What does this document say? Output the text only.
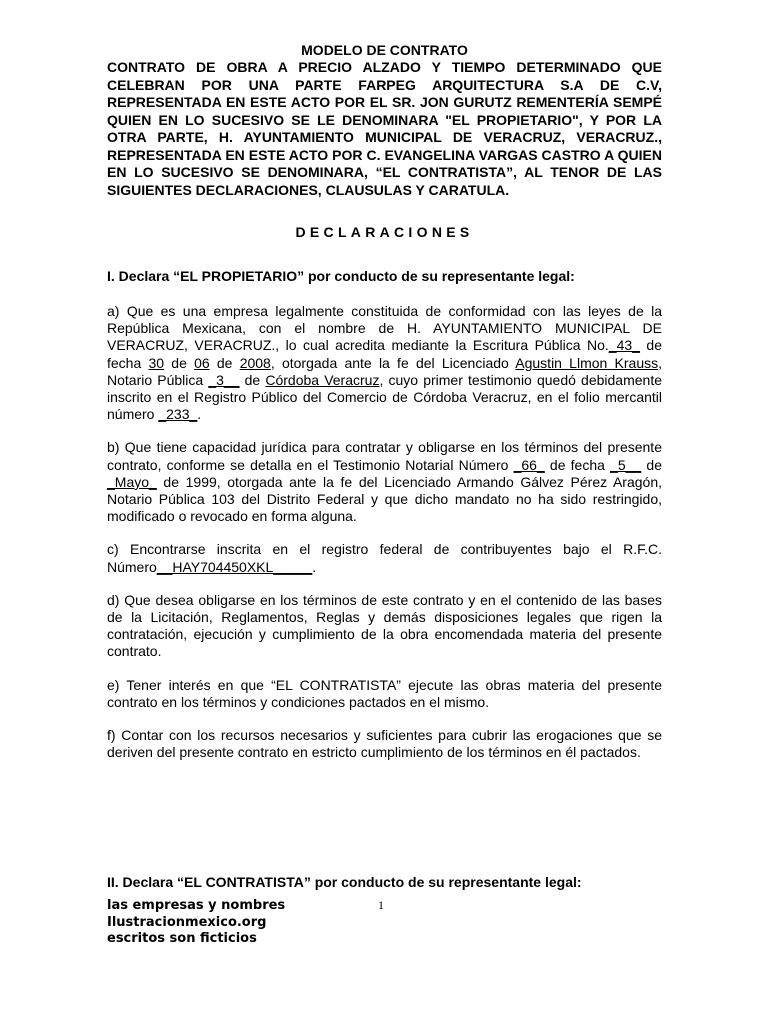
MODELO DE CONTRATO

CONTRATO DE OBRA A PRECIO ALZADO Y TIEMPO DETERMINADO QUE CELEBRAN POR UNA PARTE FARPEG ARQUITECTURA S.A DE C.V, REPRESENTADA EN ESTE ACTO POR EL SR. JON GURUTZ REMENTERÍA SEMPÉ QUIEN EN LO SUCESIVO SE LE DENOMINARA "EL PROPIETARIO", Y POR LA OTRA PARTE, H. AYUNTAMIENTO MUNICIPAL DE VERACRUZ, VERACRUZ., REPRESENTADA EN ESTE ACTO POR C. EVANGELINA VARGAS CASTRO A QUIEN EN LO SUCESIVO SE DENOMINARA, “EL CONTRATISTA”, AL TENOR DE LAS SIGUIENTES DECLARACIONES, CLAUSULAS Y CARATULA.

DECLARACIONES
I. Declara “EL PROPIETARIO” por conducto de su representante legal:

a) Que es una empresa legalmente constituida de conformidad con las leyes de la República Mexicana, con el nombre de H. AYUNTAMIENTO MUNICIPAL DE VERACRUZ, VERACRUZ., lo cual acredita mediante la Escritura Pública No._43_ de fecha 30 de 06 de 2008, otorgada ante la fe del Licenciado Agustin Llmon Krauss, Notario Pública _3__ de Córdoba Veracruz, cuyo primer testimonio quedó debidamente inscrito en el Registro Público del Comercio de Córdoba Veracruz, en el folio mercantil número _233_.

b) Que tiene capacidad jurídica para contratar y obligarse en los términos del presente contrato, conforme se detalla en el Testimonio Notarial Número _66_ de fecha _5__ de _Mayo_ de 1999, otorgada ante la fe del Licenciado Armando Gálvez Pérez Aragón, Notario Pública 103 del Distrito Federal y que dicho mandato no ha sido restringido, modificado o revocado en forma alguna.

c) Encontrarse inscrita en el registro federal de contribuyentes bajo el R.F.C. Número__HAY704450XKL_____.

d) Que desea obligarse en los términos de este contrato y en el contenido de las bases de la Licitación, Reglamentos, Reglas y demás disposiciones legales que rigen la contratación, ejecución y cumplimiento de la obra encomendada materia del presente contrato.

e) Tener interés en que “EL CONTRATISTA” ejecute las obras materia del presente contrato en los términos y condiciones pactados en el mismo.

f) Contar con los recursos necesarios y suficientes para cubrir las erogaciones que se deriven del presente contrato en estricto cumplimiento de los términos en él pactados.

II. Declara “EL CONTRATISTA” por conducto de su representante legal:
las empresas y nombres
Ilustracionmexico.org
escritos son ficticios
1
